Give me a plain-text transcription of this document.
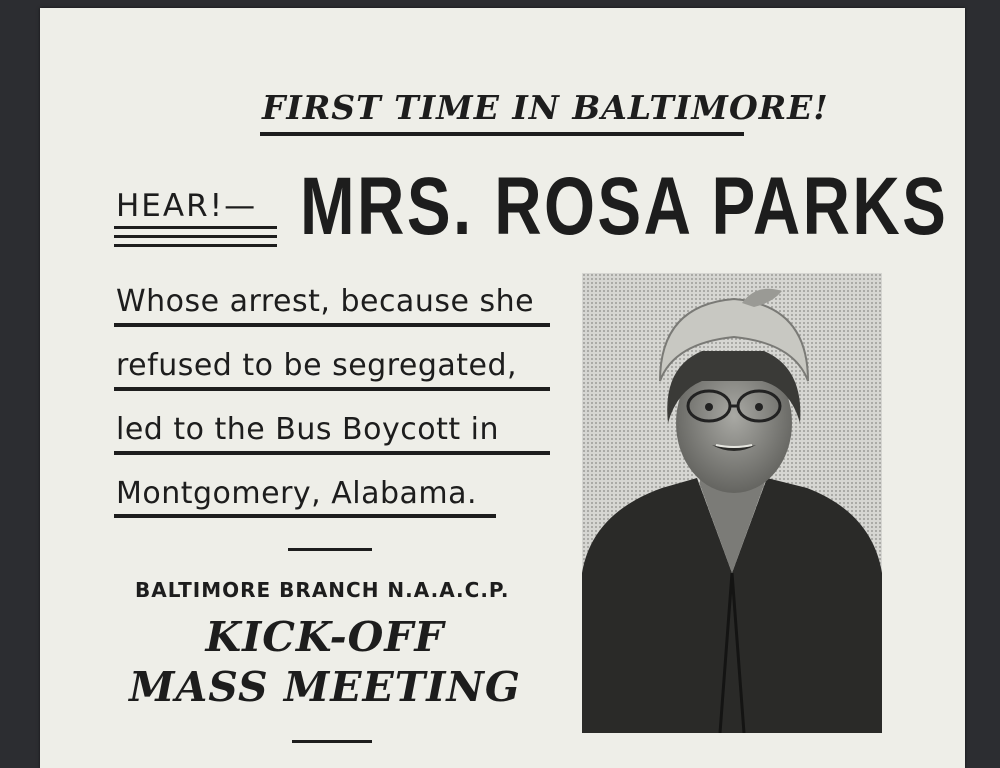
FIRST TIME IN BALTIMORE!
HEAR!— MRS. ROSA PARKS
Whose arrest, because she
refused to be segregated,
led to the Bus Boycott in
Montgomery, Alabama.
BALTIMORE BRANCH N.A.A.C.P.
KICK-OFF
MASS MEETING
